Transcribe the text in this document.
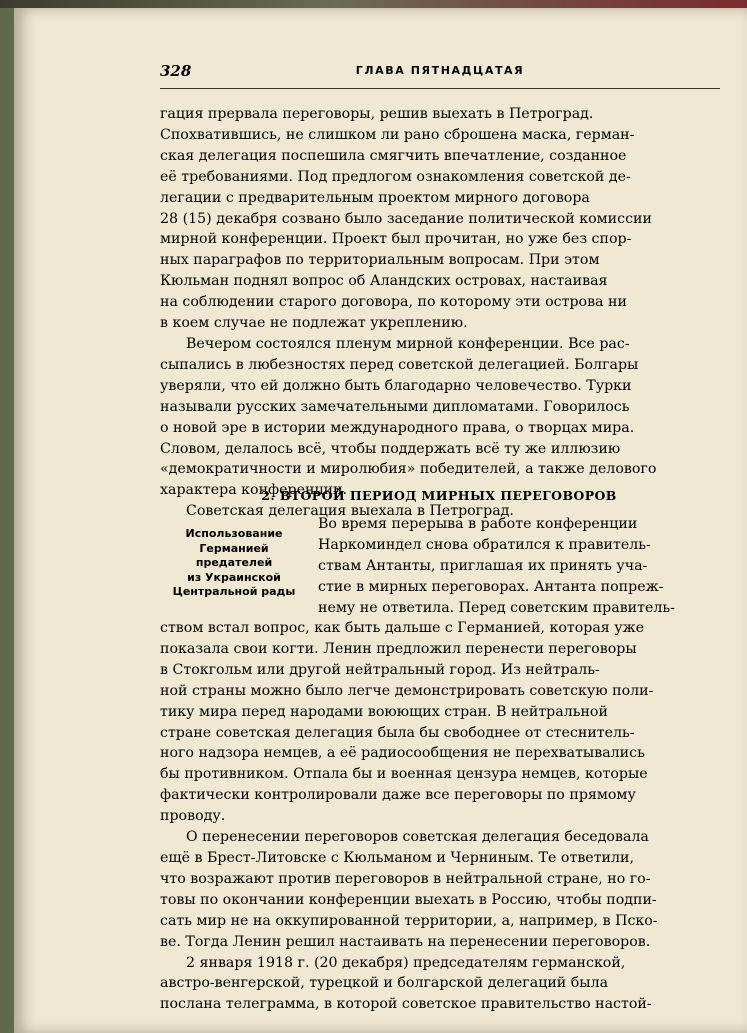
328	ГЛАВА ПЯТНАДЦАТАЯ
гация прервала переговоры, решив выехать в Петроград.
Спохватившись, не слишком ли рано сброшена маска, герман-
ская делегация поспешила смягчить впечатление, созданное
её требованиями. Под предлогом ознакомления советской де-
легации с предварительным проектом мирного договора
28 (15) декабря созвано было заседание политической комиссии
мирной конференции. Проект был прочитан, но уже без спор-
ных параграфов по территориальным вопросам. При этом
Кюльман поднял вопрос об Аландских островах, настаивая
на соблюдении старого договора, по которому эти острова ни
в коем случае не подлежат укреплению.
Вечером состоялся пленум мирной конференции. Все рас-
сыпались в любезностях перед советской делегацией. Болгары
уверяли, что ей должно быть благодарно человечество. Турки
называли русских замечательными дипломатами. Говорилось
о новой эре в истории международного права, о творцах мира.
Словом, делалось всё, чтобы поддержать всё ту же иллюзию
«демократичности и миролюбия» победителей, а также делового
характера конференции.
Советская делегация выехала в Петроград.
2. ВТОРОЙ ПЕРИОД МИРНЫХ ПЕРЕГОВОРОВ
Использование
Германией
предателей
из Украинской
Центральной рады
Во время перерыва в работе конференции
Наркоминдел снова обратился к правитель-
ствам Антанты, приглашая их принять уча-
стие в мирных переговорах. Антанта попреж-
нему не ответила. Перед советским правитель-
ством встал вопрос, как быть дальше с Германией, которая уже
показала свои когти. Ленин предложил перенести переговоры
в Стокгольм или другой нейтральный город. Из нейтраль-
ной страны можно было легче демонстрировать советскую поли-
тику мира перед народами воюющих стран. В нейтральной
стране советская делегация была бы свободнее от стеснитель-
ного надзора немцев, а её радиосообщения не перехватывались
бы противником. Отпала бы и военная цензура немцев, которые
фактически контролировали даже все переговоры по прямому
проводу.
О перенесении переговоров советская делегация беседовала
ещё в Брест-Литовске с Кюльманом и Черниным. Те ответили,
что возражают против переговоров в нейтральной стране, но го-
товы по окончании конференции выехать в Россию, чтобы подпи-
сать мир не на оккупированной территории, а, например, в Пско-
ве. Тогда Ленин решил настаивать на перенесении переговоров.
2 января 1918 г. (20 декабря) председателям германской,
австро-венгерской, турецкой и болгарской делегаций была
послана телеграмма, в которой советское правительство настой-
